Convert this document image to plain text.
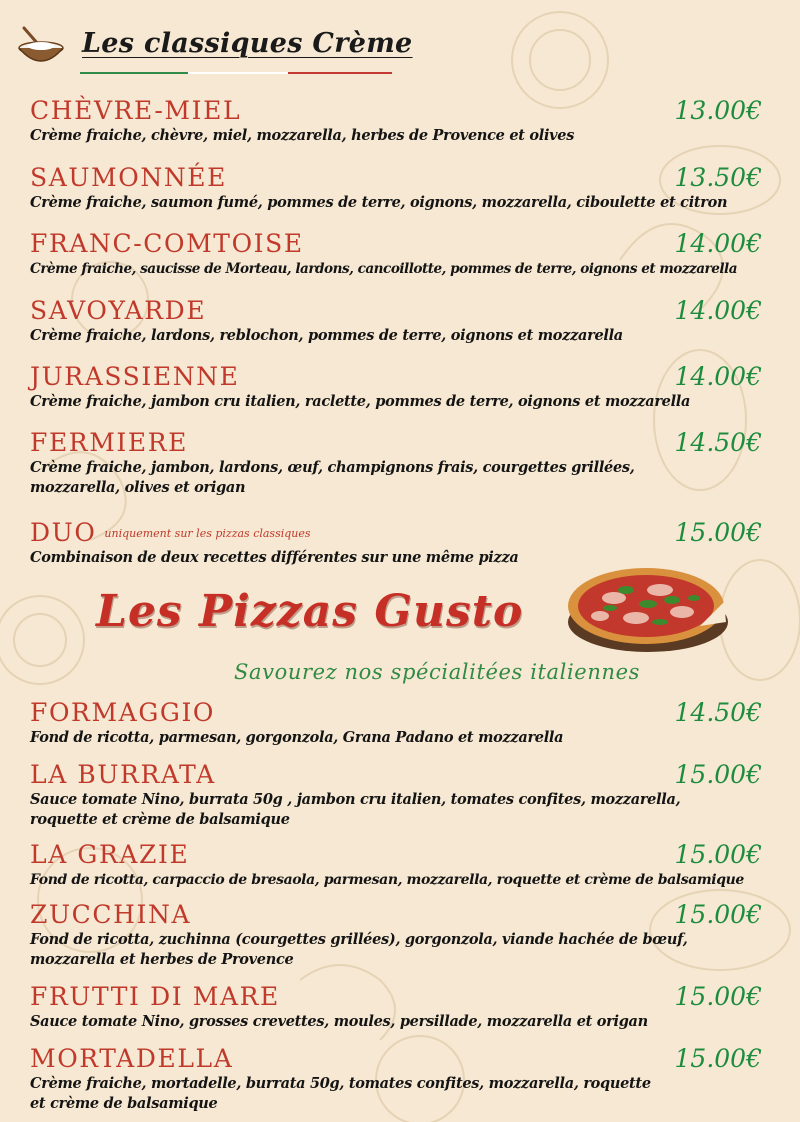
Les classiques Crème
CHÈVRE-MIEL	13.00€
Crème fraiche, chèvre, miel, mozzarella, herbes de Provence et olives
SAUMONNÉE	13.50€
Crème fraiche, saumon fumé, pommes de terre, oignons, mozzarella, ciboulette et citron
FRANC-COMTOISE	14.00€
Crème fraiche, saucisse de Morteau, lardons, cancoillotte, pommes de terre, oignons et mozzarella
SAVOYARDE	14.00€
Crème fraiche, lardons, reblochon, pommes de terre, oignons et mozzarella
JURASSIENNE	14.00€
Crème fraiche, jambon cru italien, raclette, pommes de terre, oignons et mozzarella
FERMIERE	14.50€
Crème fraiche, jambon, lardons, œuf, champignons frais, courgettes grillées, mozzarella, olives et origan
DUO $^{uniquement sur les pizzas classiques}$	15.00€
Combinaison de deux recettes différentes sur une même pizza
Les Pizzas Gusto
Savourez nos spécialitées italiennes
FORMAGGIO	14.50€
Fond de ricotta, parmesan, gorgonzola, Grana Padano et mozzarella
LA BURRATA	15.00€
Sauce tomate Nino, burrata 50g , jambon cru italien, tomates confites, mozzarella, roquette et crème de balsamique
LA GRAZIE	15.00€
Fond de ricotta, carpaccio de bresaola, parmesan, mozzarella, roquette et crème de balsamique
ZUCCHINA	15.00€
Fond de ricotta, zuchinna (courgettes grillées), gorgonzola, viande hachée de bœuf, mozzarella et herbes de Provence
FRUTTI DI MARE	15.00€
Sauce tomate Nino, grosses crevettes, moules, persillade, mozzarella et origan
MORTADELLA	15.00€
Crème fraiche, mortadelle, burrata 50g, tomates confites, mozzarella, roquette et crème de balsamique
